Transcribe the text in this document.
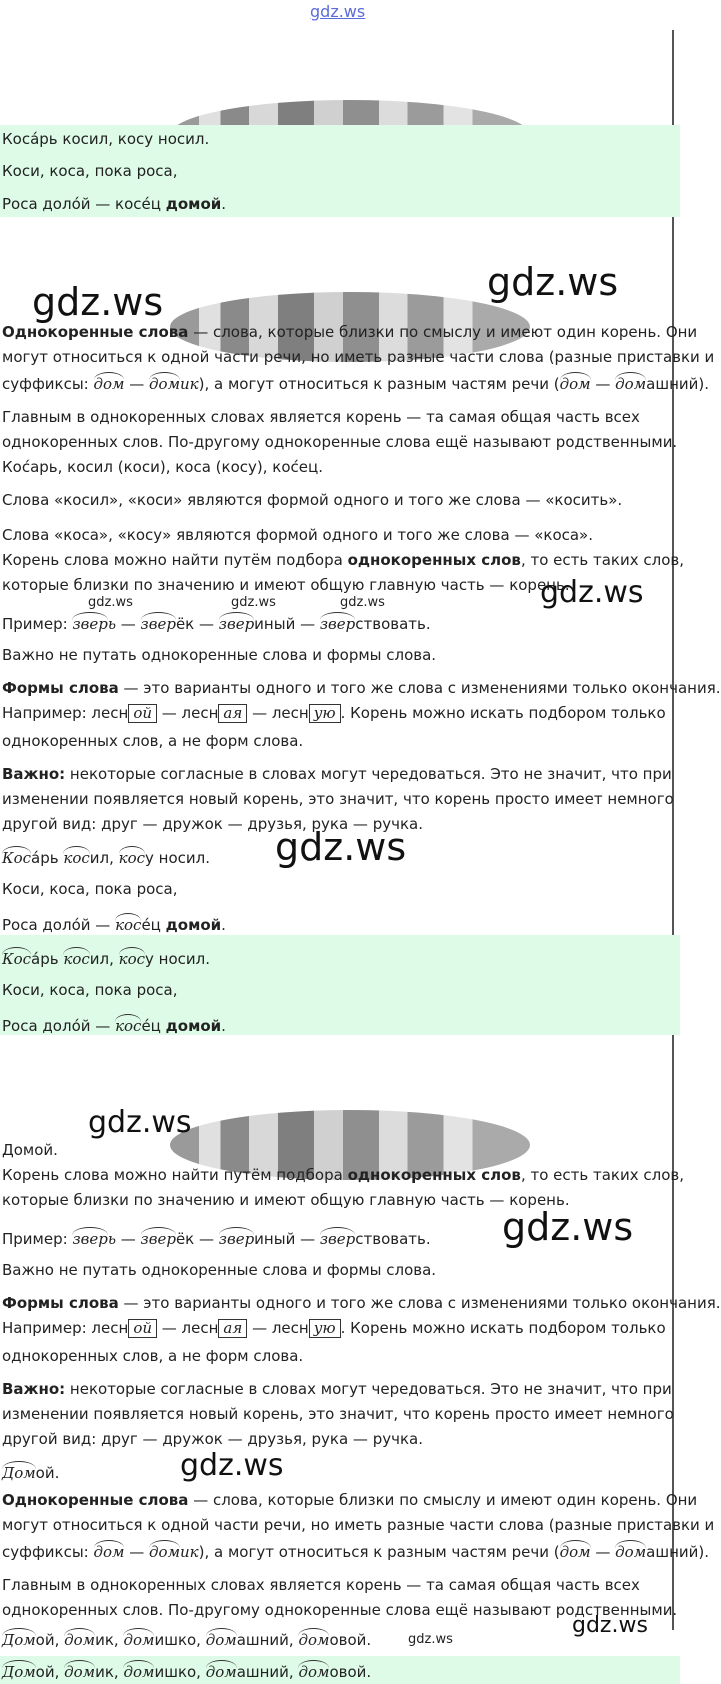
gdz.ws
Коса́рь косил, косу носил.
Коси, коса, пока роса,
Роса доло́й — косе́ц домой.
gdz.ws	gdz.ws
Однокоренные слова — слова, которые близки по смыслу и имеют один корень. Они
могут относиться к одной части речи, но иметь разные части слова (разные приставки и
суффиксы: дом — домик), а могут относиться к разным частям речи (дом — домашний).
Главным в однокоренных словах является корень — та самая общая часть всех
однокоренных слов. По-другому однокоренные слова ещё называют родственными.
Кос́арь, косил (коси), коса (косу), кос́ец.
Слова «косил», «коси» являются формой одного и того же слова — «косить».
Слова «коса», «косу» являются формой одного и того же слова — «коса».
Корень слова можно найти путём подбора однокоренных слов, то есть таких слов,
которые близки по значению и имеют общую главную часть — корень.
gdz.ws
gdz.ws	gdz.ws	gdz.ws
Пример: зверь — зверёк — звериный — зверствовать.
Важно не путать однокоренные слова и формы слова.
Формы слова — это варианты одного и того же слова с изменениями только окончания.
Например: лесн ой — лесн ая — лесн ую . Корень можно искать подбором только
однокоренных слов, а не форм слова.
Важно: некоторые согласные в словах могут чередоваться. Это не значит, что при
изменении появляется новый корень, это значит, что корень просто имеет немного
другой вид: друг — дружок — друзья, рука — ручка.
Коса́рь косил, косу носил. gdz.ws
Коси, коса, пока роса,
Роса доло́й — косе́ц домой.
Коса́рь косил, косу носил.
Коси, коса, пока роса,
Роса доло́й — косе́ц домой.
gdz.ws
Домой.
Корень слова можно найти путём подбора однокоренных слов, то есть таких слов,
которые близки по значению и имеют общую главную часть — корень.
gdz.ws
Пример: зверь — зверёк — звериный — зверствовать.
Важно не путать однокоренные слова и формы слова.
Формы слова — это варианты одного и того же слова с изменениями только окончания.
Например: лесн ой — лесн ая — лесн ую . Корень можно искать подбором только
однокоренных слов, а не форм слова.
Важно: некоторые согласные в словах могут чередоваться. Это не значит, что при
изменении появляется новый корень, это значит, что корень просто имеет немного
другой вид: друг — дружок — друзья, рука — ручка.
Домой.	gdz.ws
Однокоренные слова — слова, которые близки по смыслу и имеют один корень. Они
могут относиться к одной части речи, но иметь разные части слова (разные приставки и
суффиксы: дом — домик), а могут относиться к разным частям речи (дом — домашний).
Главным в однокоренных словах является корень — та самая общая часть всех
однокоренных слов. По-другому однокоренные слова ещё называют родственными.
Домой, домик, домишко, домашний, домовой.	gdz.ws
gdz.ws
Домой, домик, домишко, домашний, домовой.
